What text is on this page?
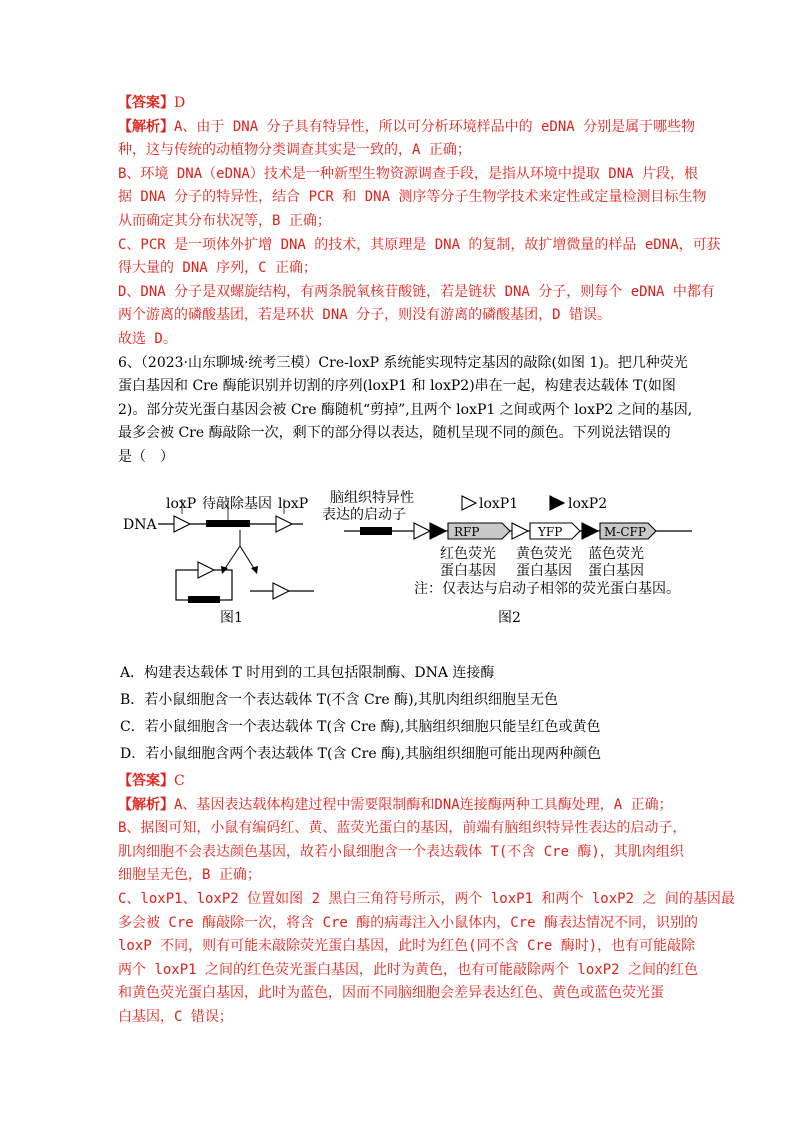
【答案】D
【解析】A、由于 DNA 分子具有特异性，所以可分析环境样品中的 eDNA 分别是属于哪些物
种，这与传统的动植物分类调查其实是一致的，A 正确；
B、环境 DNA（eDNA）技术是一种新型生物资源调查手段，是指从环境中提取 DNA 片段，根
据 DNA 分子的特异性，结合 PCR 和 DNA 测序等分子生物学技术来定性或定量检测目标生物
从而确定其分布状况等，B 正确；
C、PCR 是一项体外扩增 DNA 的技术，其原理是 DNA 的复制，故扩增微量的样品 eDNA，可获
得大量的 DNA 序列，C 正确；
D、DNA 分子是双螺旋结构，有两条脱氧核苷酸链，若是链状 DNA 分子，则每个 eDNA 中都有
两个游离的磷酸基团，若是环状 DNA 分子，则没有游离的磷酸基团，D 错误。
故选 D。
6、（2023·山东聊城·统考三模）Cre-loxP 系统能实现特定基因的敲除(如图 1)。把几种荧光
蛋白基因和 Cre 酶能识别并切割的序列(loxP1 和 loxP2)串在一起，构建表达载体 T(如图
2)。部分荧光蛋白基因会被 Cre 酶随机“剪掉”,且两个 loxP1 之间或两个 loxP2 之间的基因,
最多会被 Cre 酶敲除一次，剩下的部分得以表达，随机呈现不同的颜色。下列说法错误的
是（　）
DNA
loxP 待敲除基因 loxP
图1
脑组织特异性
表达的启动子
loxP1	loxP2
RFP	YFP	M-CFP
红色荧光
蛋白基因
黄色荧光
蛋白基因
蓝色荧光
蛋白基因
注：仅表达与启动子相邻的荧光蛋白基因。
图2
A．构建表达载体 T 时用到的工具包括限制酶、DNA 连接酶
B．若小鼠细胞含一个表达载体 T(不含 Cre 酶),其肌肉组织细胞呈无色
C．若小鼠细胞含一个表达载体 T(含 Cre 酶),其脑组织细胞只能呈红色或黄色
D．若小鼠细胞含两个表达载体 T(含 Cre 酶),其脑组织细胞可能出现两种颜色
【答案】C
【解析】A、基因表达载体构建过程中需要限制酶和DNA连接酶两种工具酶处理，A 正确；
B、据图可知，小鼠有编码红、黄、蓝荧光蛋白的基因，前端有脑组织特异性表达的启动子，
肌肉细胞不会表达颜色基因，故若小鼠细胞含一个表达载体 T(不含 Cre 酶)，其肌肉组织
细胞呈无色，B 正确；
C、loxP1、loxP2 位置如图 2 黑白三角符号所示，两个 loxP1 和两个 loxP2 之 间的基因最
多会被 Cre 酶敲除一次，将含 Cre 酶的病毒注入小鼠体内，Cre 酶表达情况不同，识别的
loxP 不同，则有可能未敲除荧光蛋白基因，此时为红色(同不含 Cre 酶时)，也有可能敲除
两个 loxP1 之间的红色荧光蛋白基因，此时为黄色，也有可能敲除两个 loxP2 之间的红色
和黄色荧光蛋白基因，此时为蓝色，因而不同脑细胞会差异表达红色、黄色或蓝色荧光蛋
白基因，C 错误；
